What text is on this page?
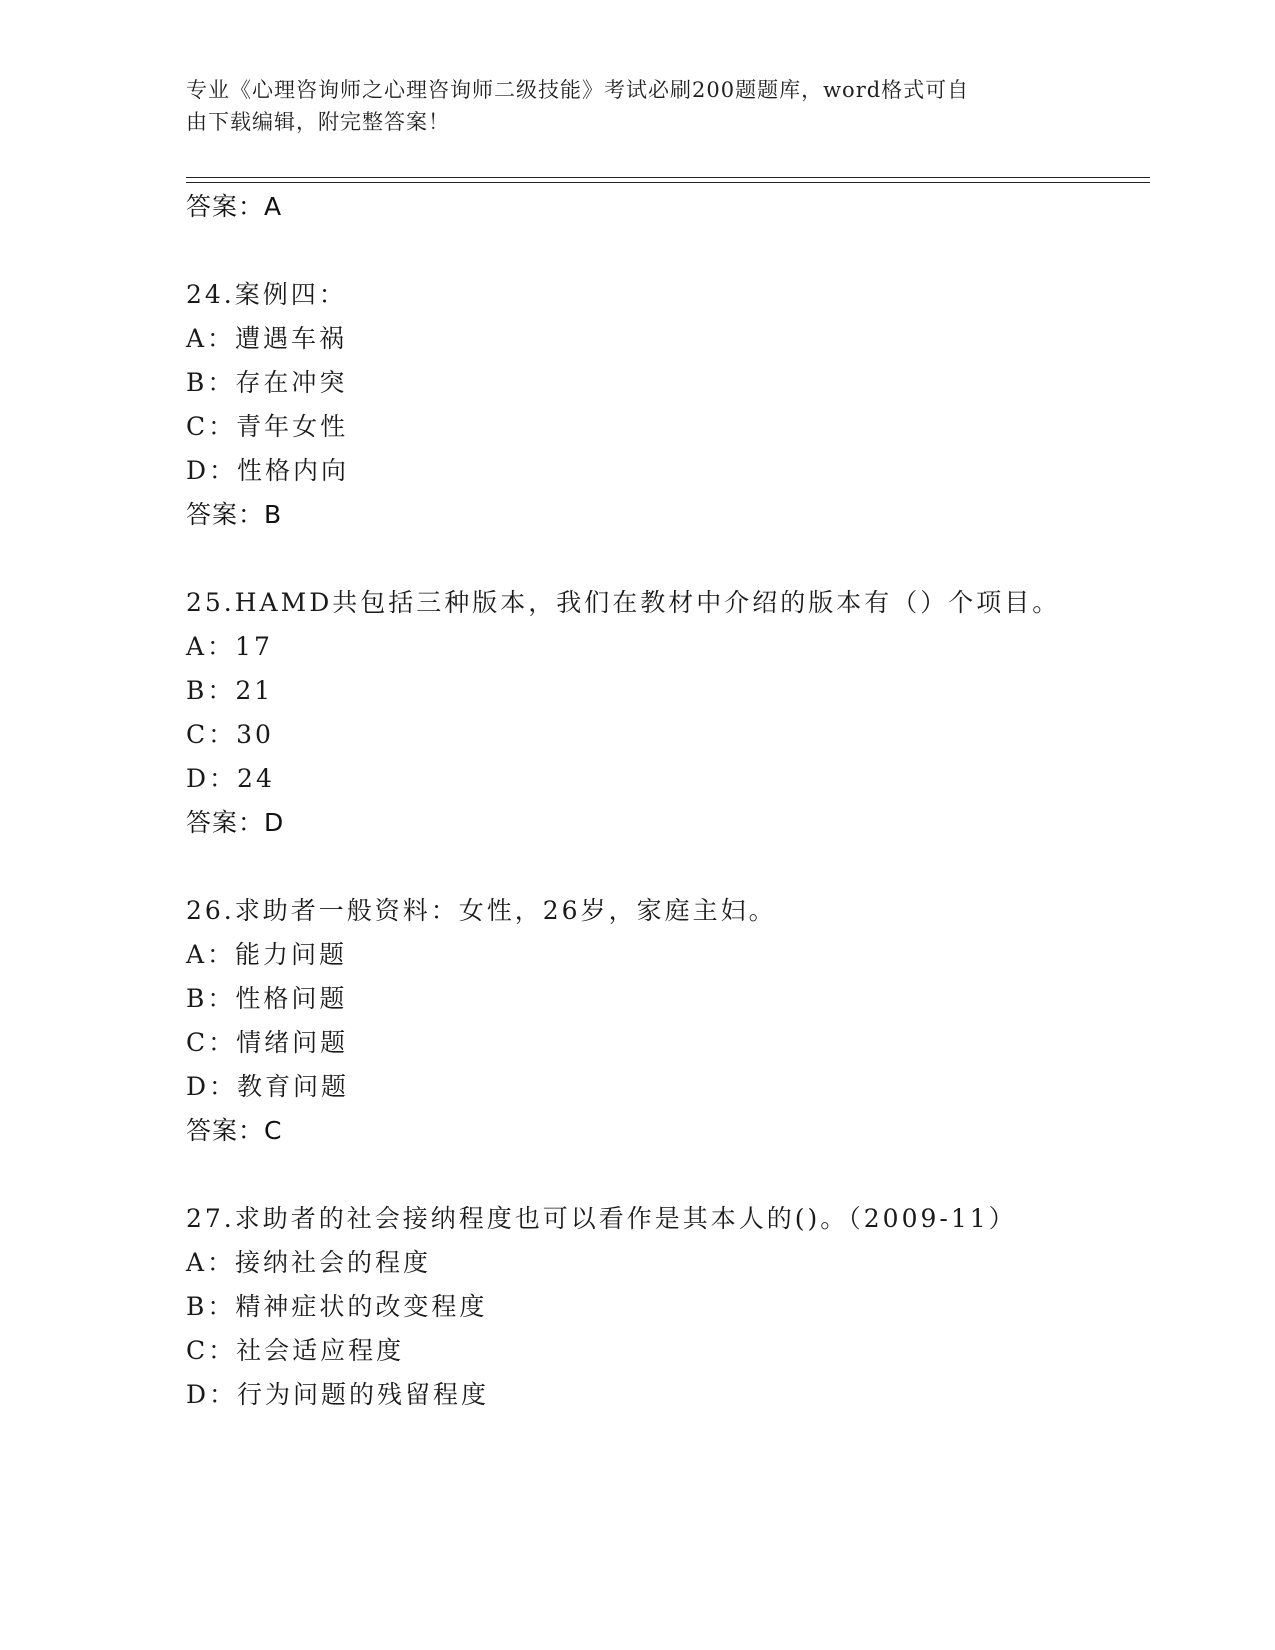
专业《心理咨询师之心理咨询师二级技能》考试必刷200题题库，word格式可自
由下载编辑，附完整答案！
答案：A
24.案例四：
A：遭遇车祸
B：存在冲突
C：青年女性
D：性格内向
答案：B
25.HAMD共包括三种版本，我们在教材中介绍的版本有（）个项目。
A：17
B：21
C：30
D：24
答案：D
26.求助者一般资料：女性，26岁，家庭主妇。
A：能力问题
B：性格问题
C：情绪问题
D：教育问题
答案：C
27.求助者的社会接纳程度也可以看作是其本人的()。（2009-11）
A：接纳社会的程度
B：精神症状的改变程度
C：社会适应程度
D：行为问题的残留程度
